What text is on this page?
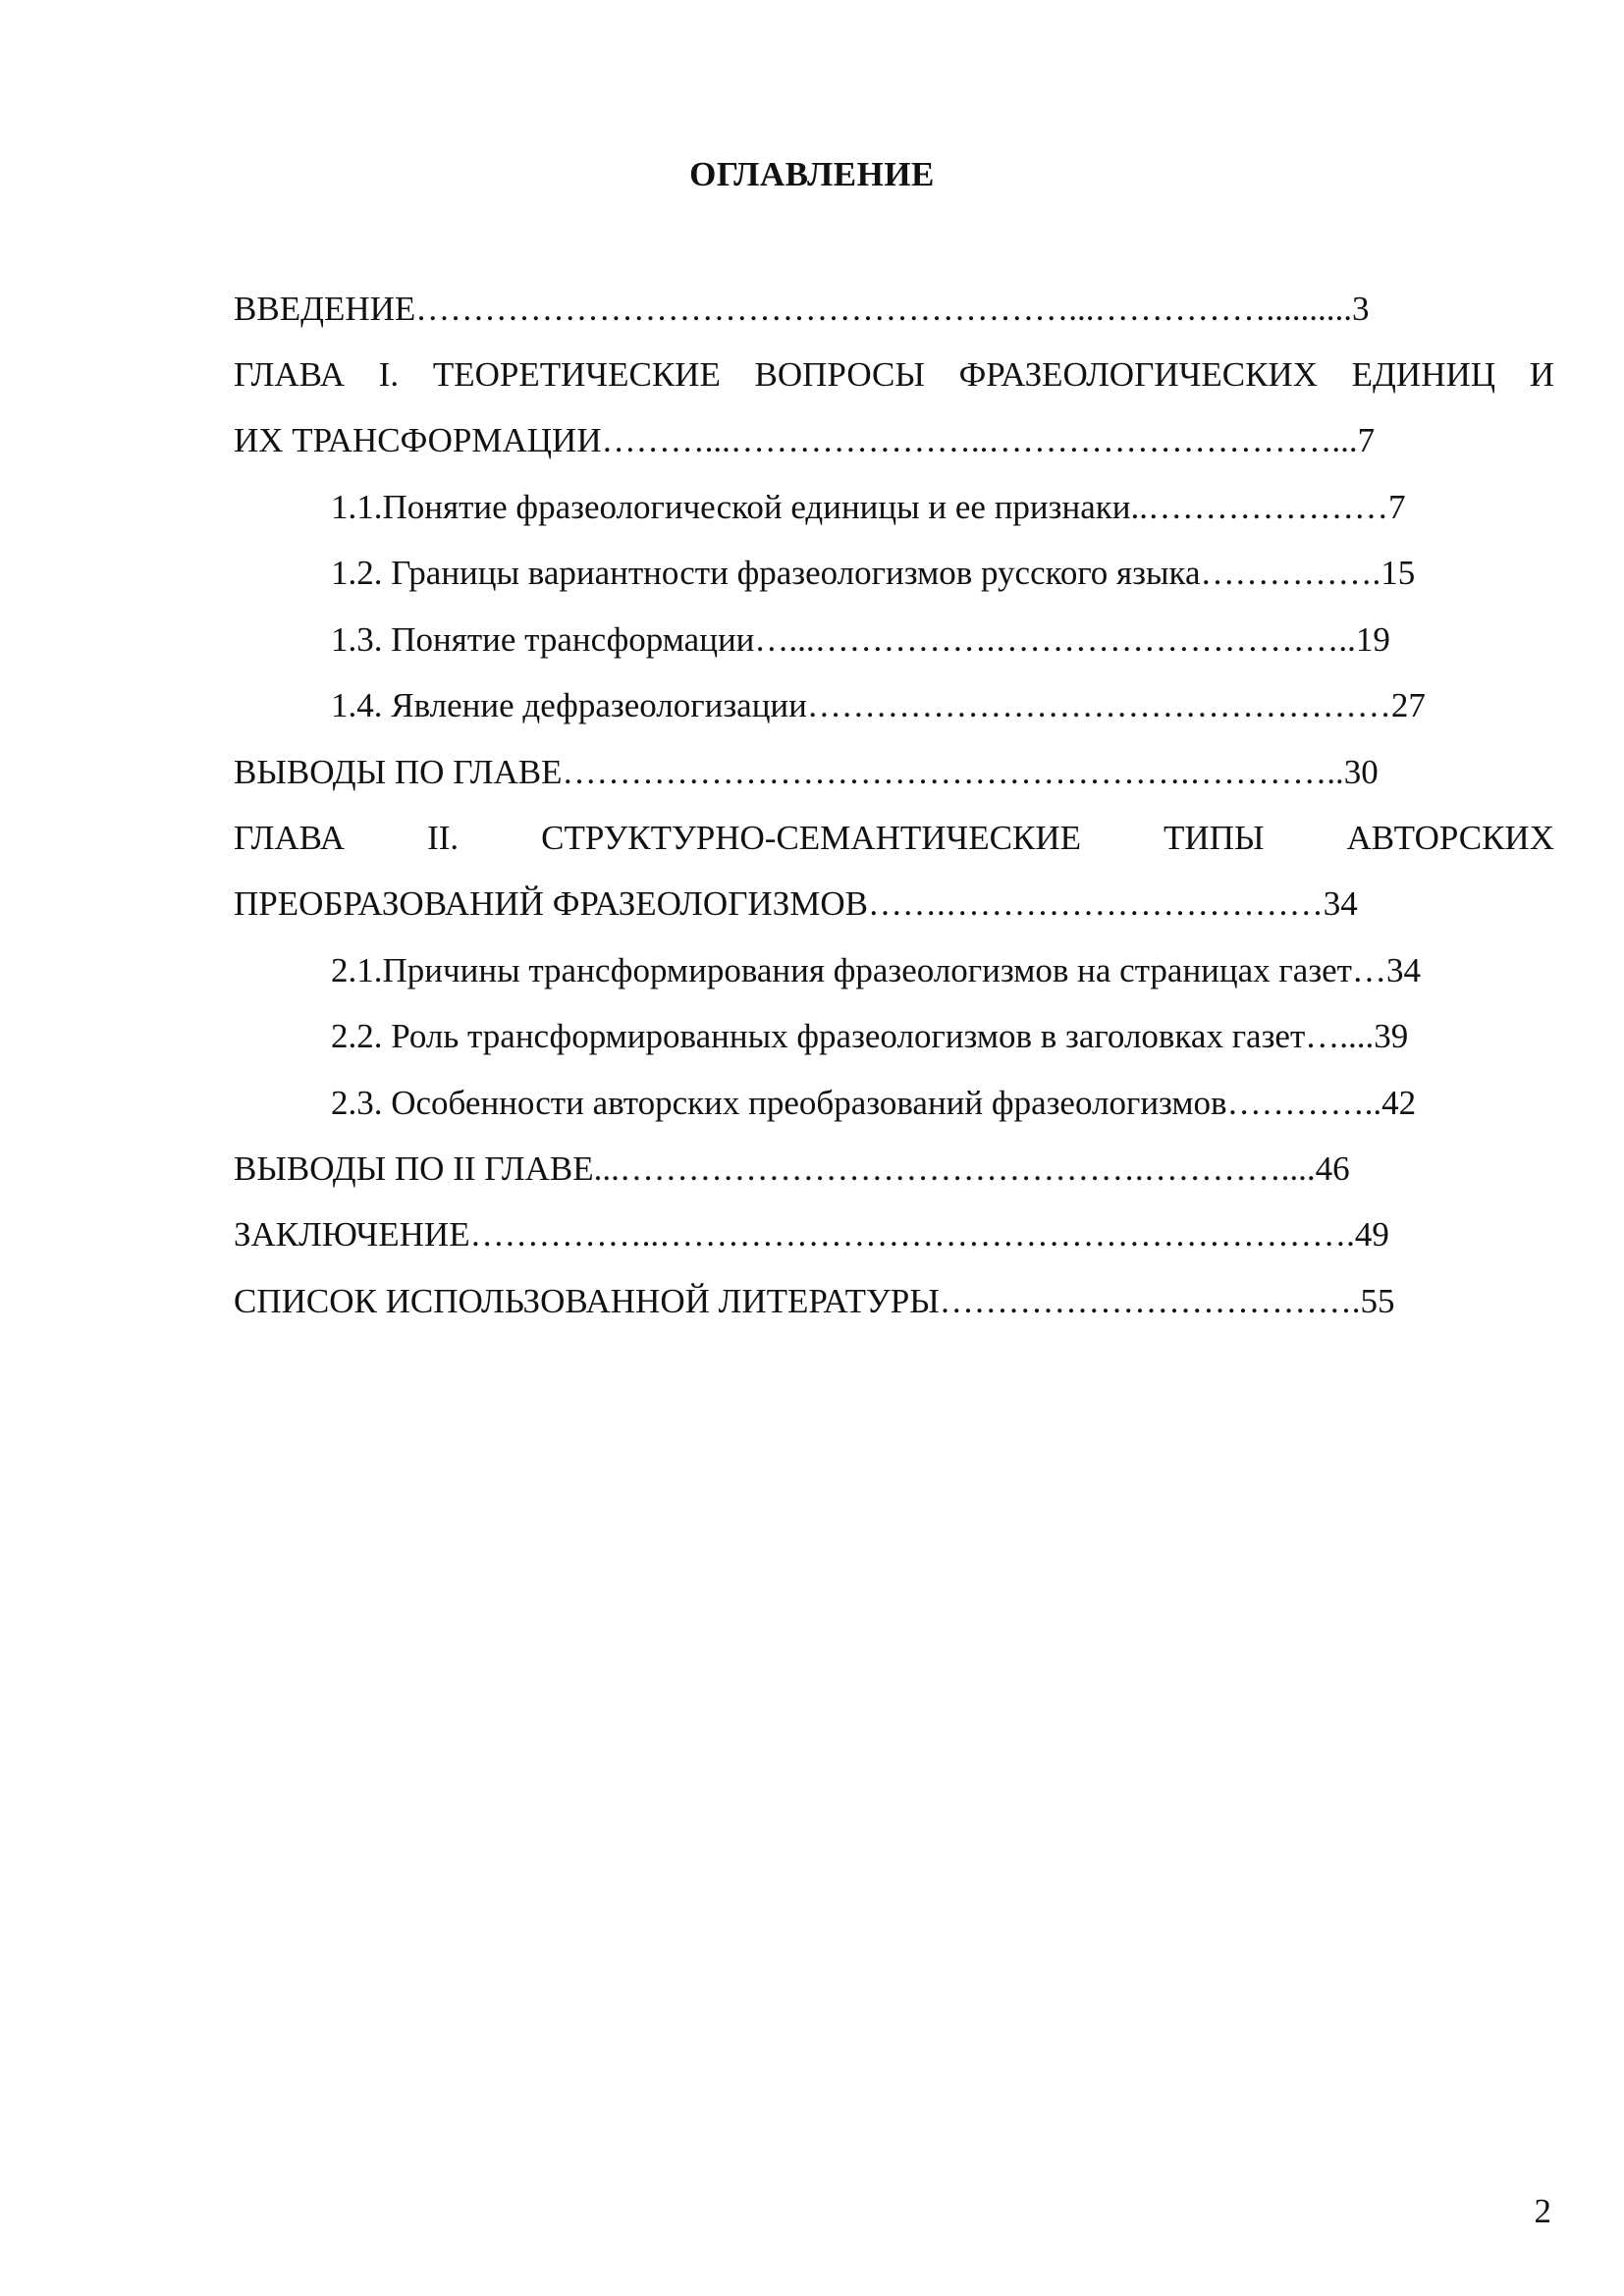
ОГЛАВЛЕНИЕ
ВВЕДЕНИЕ…………………………………………………...……………..........3
ГЛАВА I. ТЕОРЕТИЧЕСКИЕ ВОПРОСЫ ФРАЗЕОЛОГИЧЕСКИХ ЕДИНИЦ И
ИХ ТРАНСФОРМАЦИИ………...…………………..…………………………...7
1.1.Понятие фразеологической единицы и ее признаки..…………………7
1.2. Границы вариантности фразеологизмов русского языка…………….15
1.3. Понятие трансформации…...…………….…………………………..19
1.4. Явление дефразеологизации……………………………………………27
ВЫВОДЫ ПО ГЛАВЕ……………………………………………….…………..30
ГЛАВА II. СТРУКТУРНО-СЕМАНТИЧЕСКИЕ ТИПЫ АВТОРСКИХ
ПРЕОБРАЗОВАНИЙ ФРАЗЕОЛОГИЗМОВ…….……………………………34
2.1.Причины трансформирования фразеологизмов на страницах газет…34
2.2. Роль трансформированных фразеологизмов в заголовках газет…....39
2.3. Особенности авторских преобразований фразеологизмов…………..42
ВЫВОДЫ ПО II ГЛАВЕ...……………………………………….…………....46
ЗАКЛЮЧЕНИЕ……………..…………………………………………………….49
СПИСОК ИСПОЛЬЗОВАННОЙ ЛИТЕРАТУРЫ……………………………….55
2
